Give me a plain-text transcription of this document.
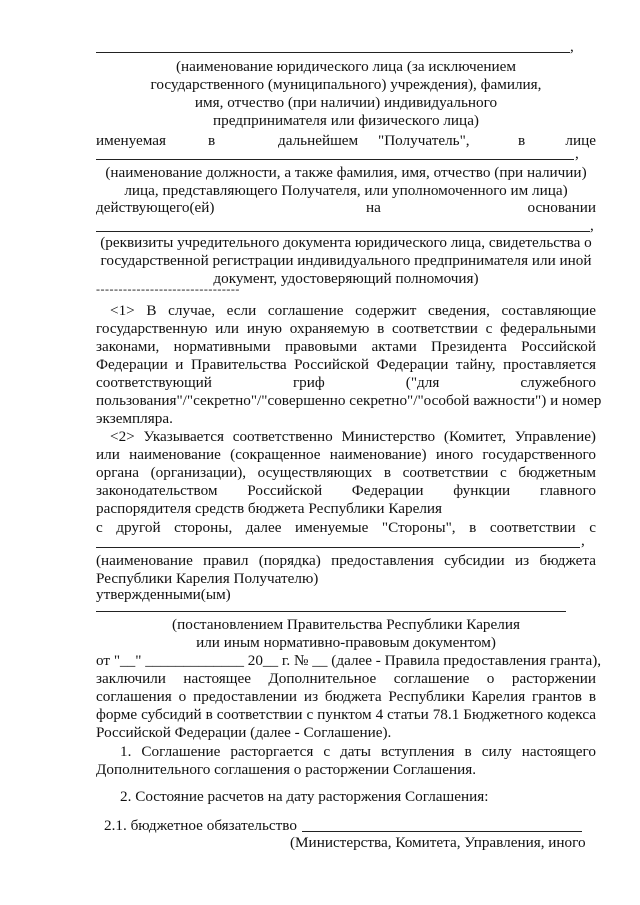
,
(наименование юридического лица (за исключением
государственного (муниципального) учреждения), фамилия,
имя, отчество (при наличии) индивидуального
предпринимателя или физического лица)
именуемая	в	дальнейшем "Получатель",	в	лице
,
(наименование должности, а также фамилия, имя, отчество (при наличии)
лица, представляющего Получателя, или уполномоченного им лица)
действующего(ей)	на	основании
,
(реквизиты учредительного документа юридического лица, свидетельства о
государственной регистрации индивидуального предпринимателя или иной
документ, удостоверяющий полномочия)
--------------------------------
<1> В случае, если соглашение содержит сведения, составляющие
государственную или иную охраняемую в соответствии с федеральными
законами, нормативными правовыми актами Президента Российской
Федерации и Правительства Российской Федерации тайну, проставляется
соответствующий гриф ("для служебного
пользования"/"секретно"/"совершенно секретно"/"особой важности") и номер
экземпляра.
<2> Указывается соответственно Министерство (Комитет, Управление)
или наименование (сокращенное наименование) иного государственного
органа (организации), осуществляющих в соответствии с бюджетным
законодательством Российской Федерации функции главного
распорядителя средств бюджета Республики Карелия
с другой стороны, далее именуемые "Стороны", в соответствии с
,
(наименование правил (порядка) предоставления субсидии из бюджета
Республики Карелия Получателю)
утвержденными(ым)
(постановлением Правительства Республики Карелия
или иным нормативно-правовым документом)
от "__" _____________ 20__ г. № __ (далее - Правила предоставления гранта),
заключили настоящее Дополнительное соглашение о расторжении
соглашения о предоставлении из бюджета Республики Карелия грантов в
форме субсидий в соответствии с пунктом 4 статьи 78.1 Бюджетного кодекса
Российской Федерации (далее - Соглашение).
1. Соглашение расторгается с даты вступления в силу настоящего
Дополнительного соглашения о расторжении Соглашения.
2. Состояние расчетов на дату расторжения Соглашения:
2.1. бюджетное обязательство
(Министерства, Комитета, Управления, иного
